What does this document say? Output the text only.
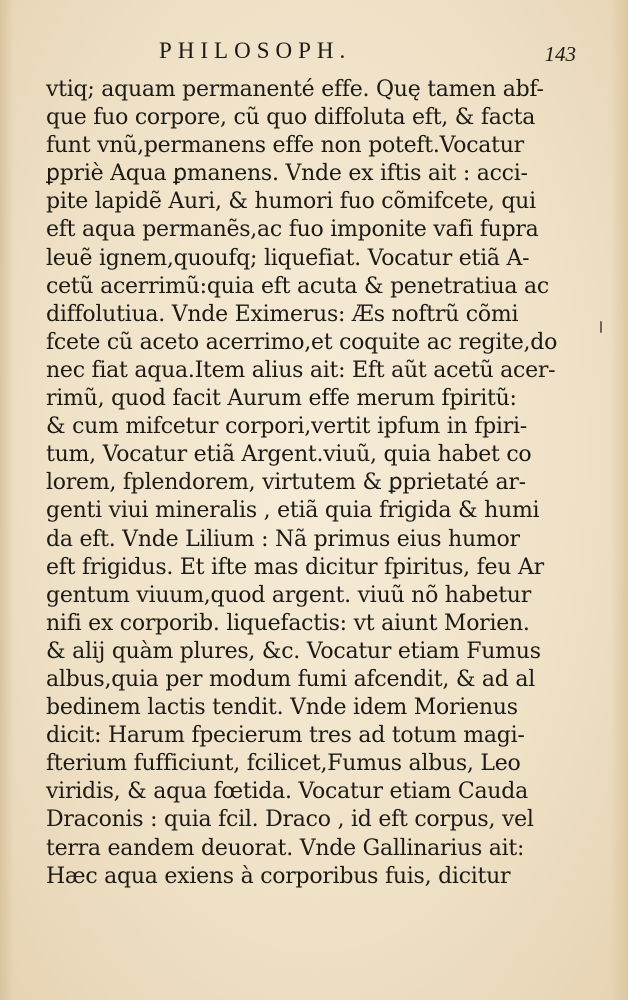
PHILOSOPH.	143
vtiq; aquam permanenté effe. Quę tamen abf-
que fuo corpore, cũ quo diffoluta eft, & facta
funt vnũ,permanens effe non poteft.Vocatur
ꝑpriè Aqua ꝑmanens. Vnde ex iftis ait : acci-
pite lapidẽ Auri, & humori fuo cõmifcete, qui
eft aqua permanẽs,ac fuo imponite vafi fupra
leuẽ ignem,quoufq; liquefiat. Vocatur etiã A-
cetũ acerrimũ:quia eft acuta & penetratiua ac
diffolutiua. Vnde Eximerus: Æs noftrũ cõmi
fcete cũ aceto acerrimo,et coquite ac regite,do
nec fiat aqua.Item alius ait: Eft aũt acetũ acer-
rimũ, quod facit Aurum effe merum fpiritũ:
& cum mifcetur corpori,vertit ipfum in fpiri-
tum, Vocatur etiã Argent.viuũ, quia habet co
lorem, fplendorem, virtutem & ꝑprietaté ar-
genti viui mineralis , etiã quia frigida & humi
da eft. Vnde Lilium : Nã primus eius humor
eft frigidus. Et ifte mas dicitur fpiritus, feu Ar
gentum viuum,quod argent. viuũ nõ habetur
nifi ex corporib. liquefactis: vt aiunt Morien.
& alij quàm plures, &c. Vocatur etiam Fumus
albus,quia per modum fumi afcendit, & ad al
bedinem lactis tendit. Vnde idem Morienus
dicit: Harum fpecierum tres ad totum magi-
fterium fufficiunt, fcilicet,Fumus albus, Leo
viridis, & aqua fœtida. Vocatur etiam Cauda
Draconis : quia fcil. Draco , id eft corpus, vel
terra eandem deuorat. Vnde Gallinarius ait:
Hæc aqua exiens à corporibus fuis, dicitur
